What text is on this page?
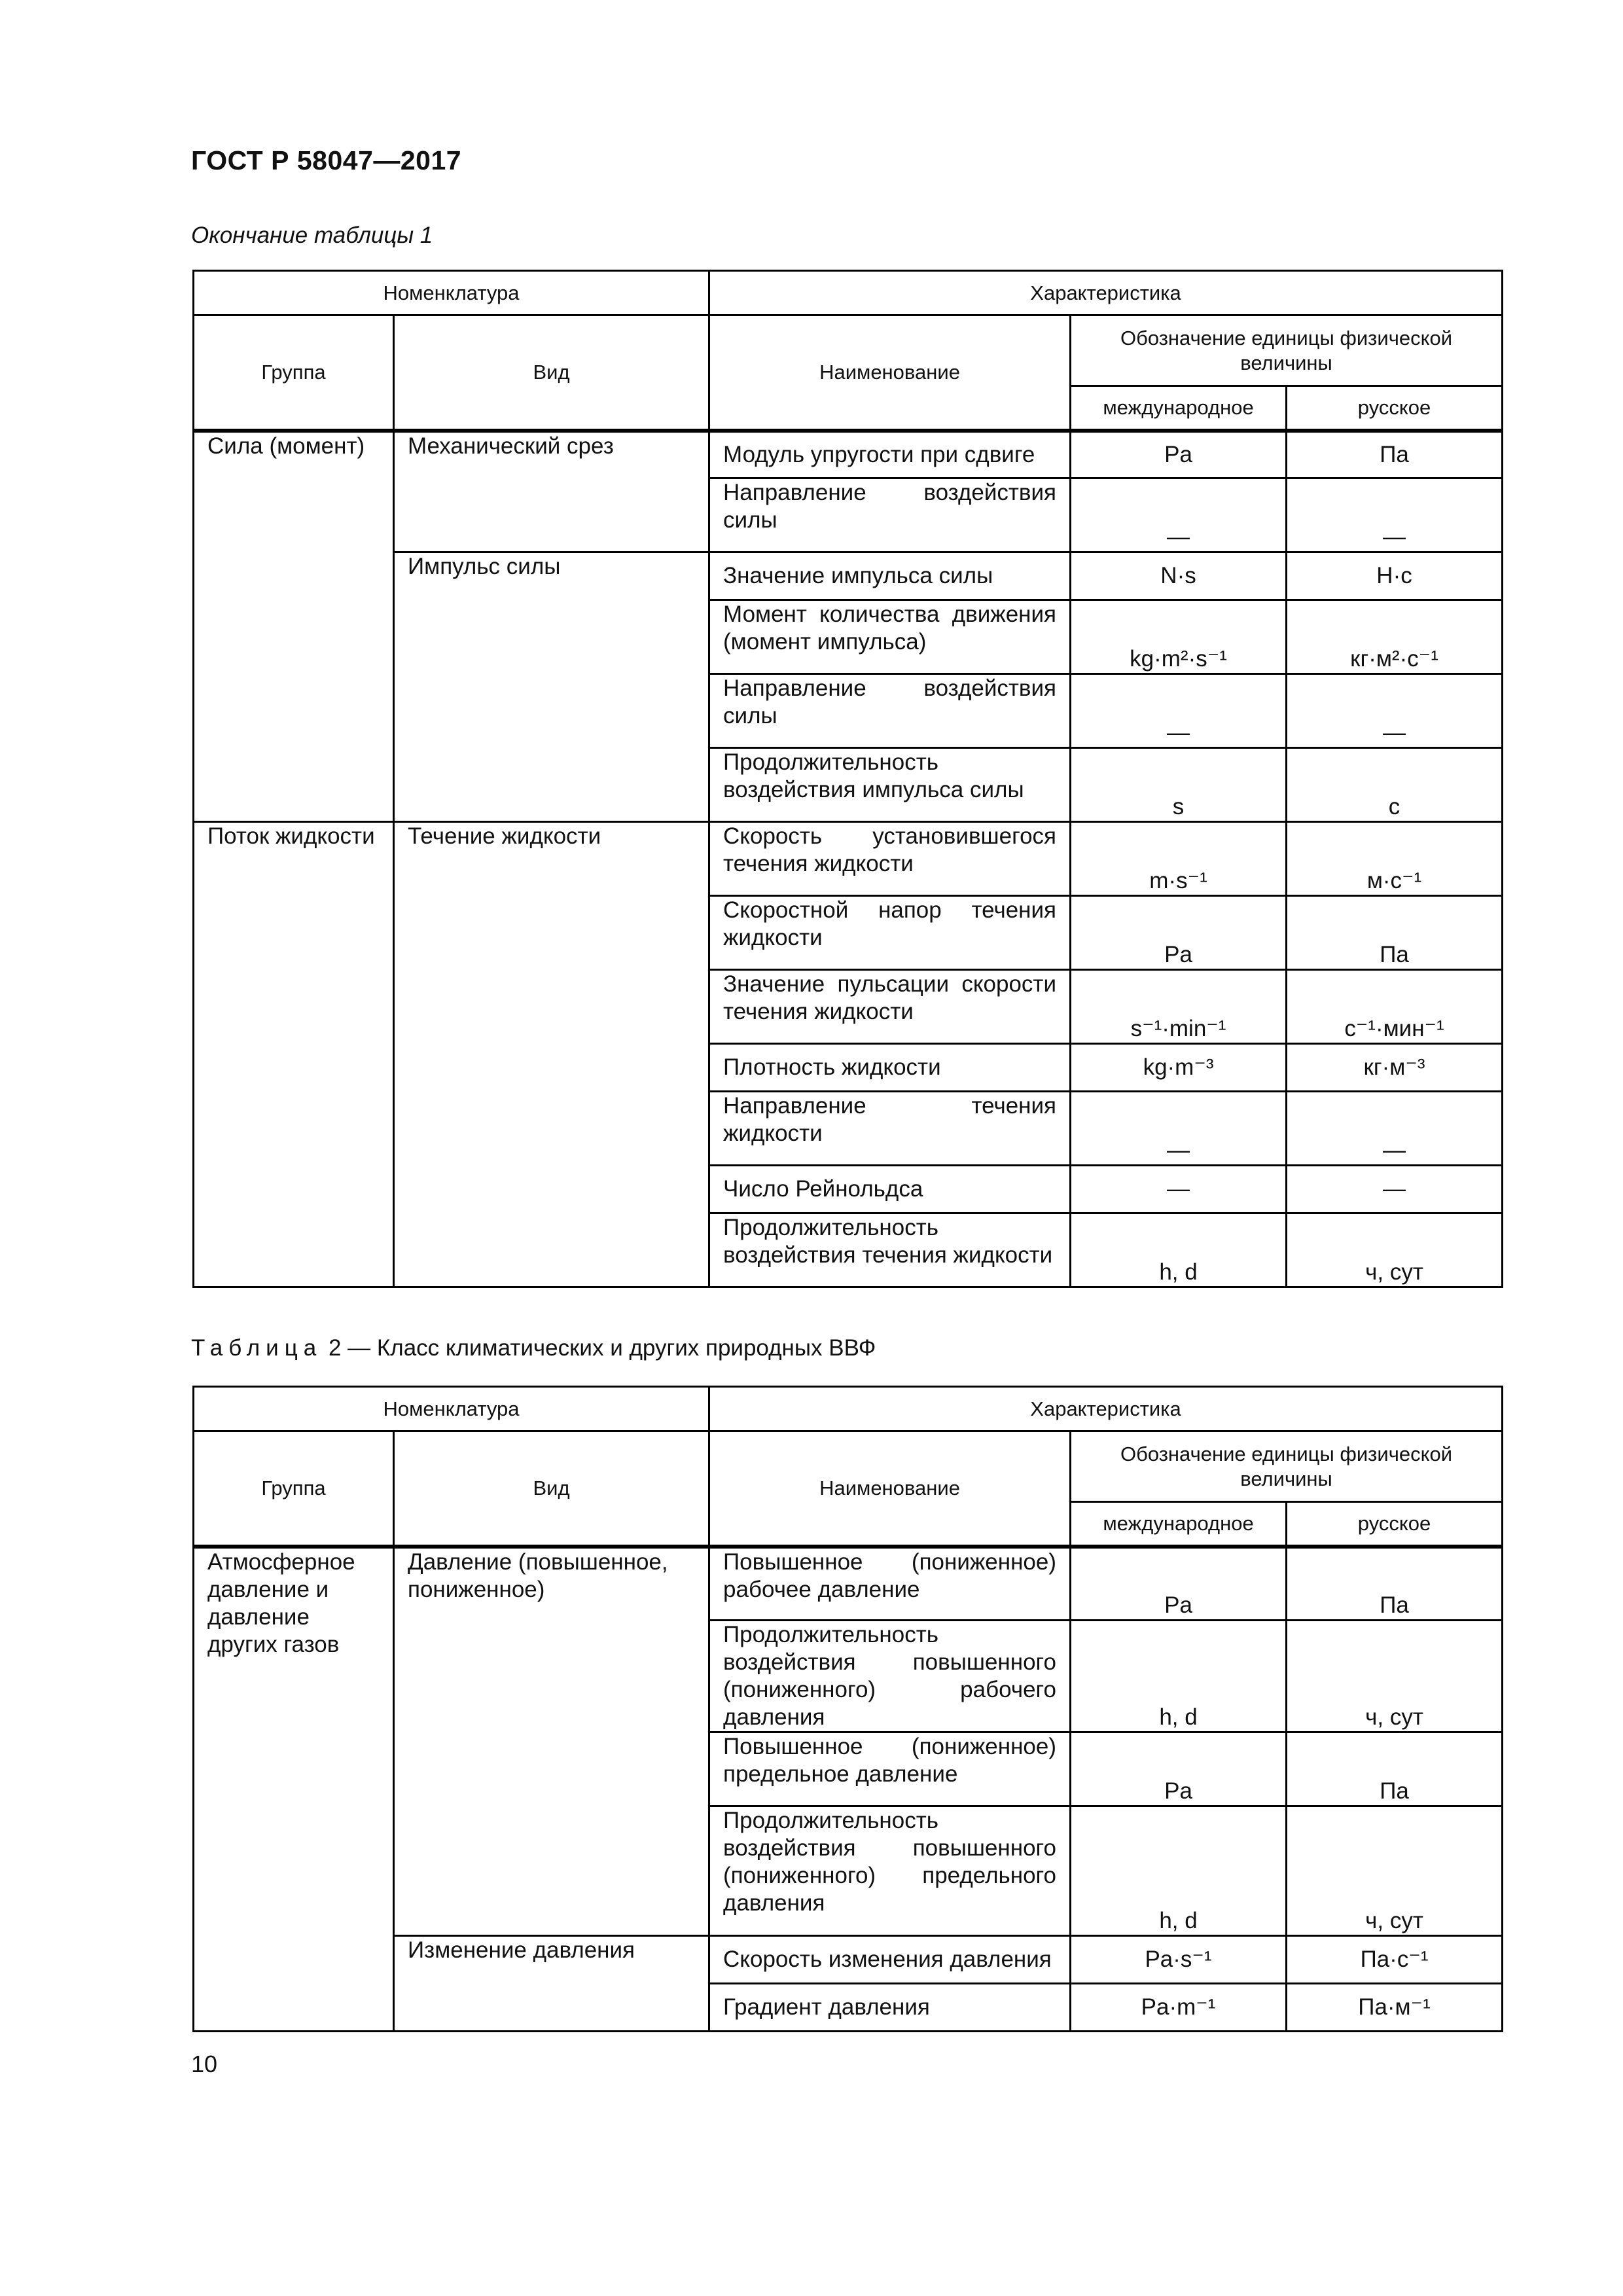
ГОСТ Р 58047—2017
Окончание таблицы 1
Номенклатура		Характеристика		
Группа	Вид	Наименование	Обозначение единицы физической величины	
			международное	русское
Сила (момент)	Механический срез	Модуль упругости при сдвиге	Pa	Па
		Направление воздействия силы	—	—
	Импульс силы	Значение импульса силы	N·s	Н·с
		Момент количества движения (момент импульса)	kg·m²·s⁻¹	кг·м²·с⁻¹
		Направление воздействия силы	—	—
		Продолжительность воздействия импульса силы	s	с
Поток жидкости	Течение жидкости	Скорость установившегося течения жидкости	m·s⁻¹	м·с⁻¹
		Скоростной напор течения жидкости	Pa	Па
		Значение пульсации скорости течения жидкости	s⁻¹·min⁻¹	с⁻¹·мин⁻¹
		Плотность жидкости	kg·m⁻³	кг·м⁻³
		Направление течения жидкости	—	—
		Число Рейнольдса	—	—
		Продолжительность воздействия течения жидкости	h, d	ч, сут
Таблица 2 — Класс климатических и других природных ВВФ
Номенклатура		Характеристика		
Группа	Вид	Наименование	Обозначение единицы физической величины	
			международное	русское
Атмосферное давление и давление других газов	Давление (повышенное, пониженное)	Повышенное (пониженное) рабочее давление	Pa	Па
		Продолжительность воздействия повышенного (пониженного) рабочего давления	h, d	ч, сут
		Повышенное (пониженное) предельное давление	Pa	Па
		Продолжительность воздействия повышенного (пониженного) предельного давления	h, d	ч, сут
	Изменение давления	Скорость изменения давления	Pa·s⁻¹	Па·с⁻¹
		Градиент давления	Pa·m⁻¹	Па·м⁻¹
10
